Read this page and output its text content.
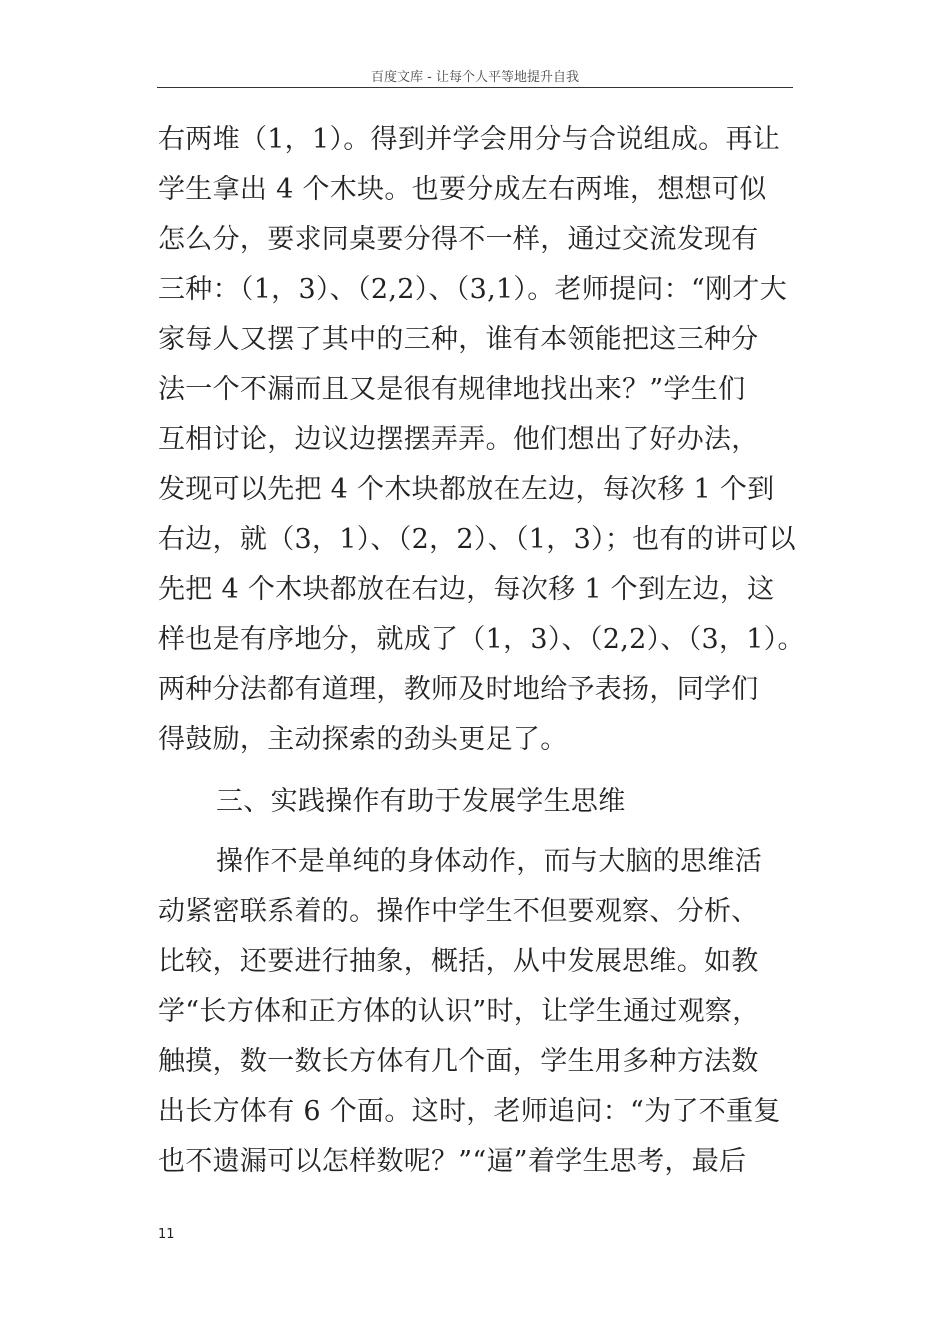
百度文库 - 让每个人平等地提升自我
右两堆（1，1）。得到并学会用分与合说组成。再让
学生拿出 4 个木块。也要分成左右两堆，想想可似
怎么分，要求同桌要分得不一样，通过交流发现有
三种：（1，3）、（2,2）、（3,1）。老师提问：“刚才大
家每人又摆了其中的三种，谁有本领能把这三种分
法一个不漏而且又是很有规律地找出来？”学生们
互相讨论，边议边摆摆弄弄。他们想出了好办法，
发现可以先把 4 个木块都放在左边，每次移 1 个到
右边，就（3，1）、（2，2）、（1，3）；也有的讲可以
先把 4 个木块都放在右边，每次移 1 个到左边，这
样也是有序地分，就成了（1，3）、（2,2）、（3，1）。
两种分法都有道理，教师及时地给予表扬，同学们
得鼓励，主动探索的劲头更足了。
三、实践操作有助于发展学生思维
操作不是单纯的身体动作，而与大脑的思维活
动紧密联系着的。操作中学生不但要观察、分析、
比较，还要进行抽象，概括，从中发展思维。如教
学“长方体和正方体的认识”时，让学生通过观察，
触摸，数一数长方体有几个面，学生用多种方法数
出长方体有 6 个面。这时，老师追问：“为了不重复
也不遗漏可以怎样数呢？”“逼”着学生思考，最后
11
